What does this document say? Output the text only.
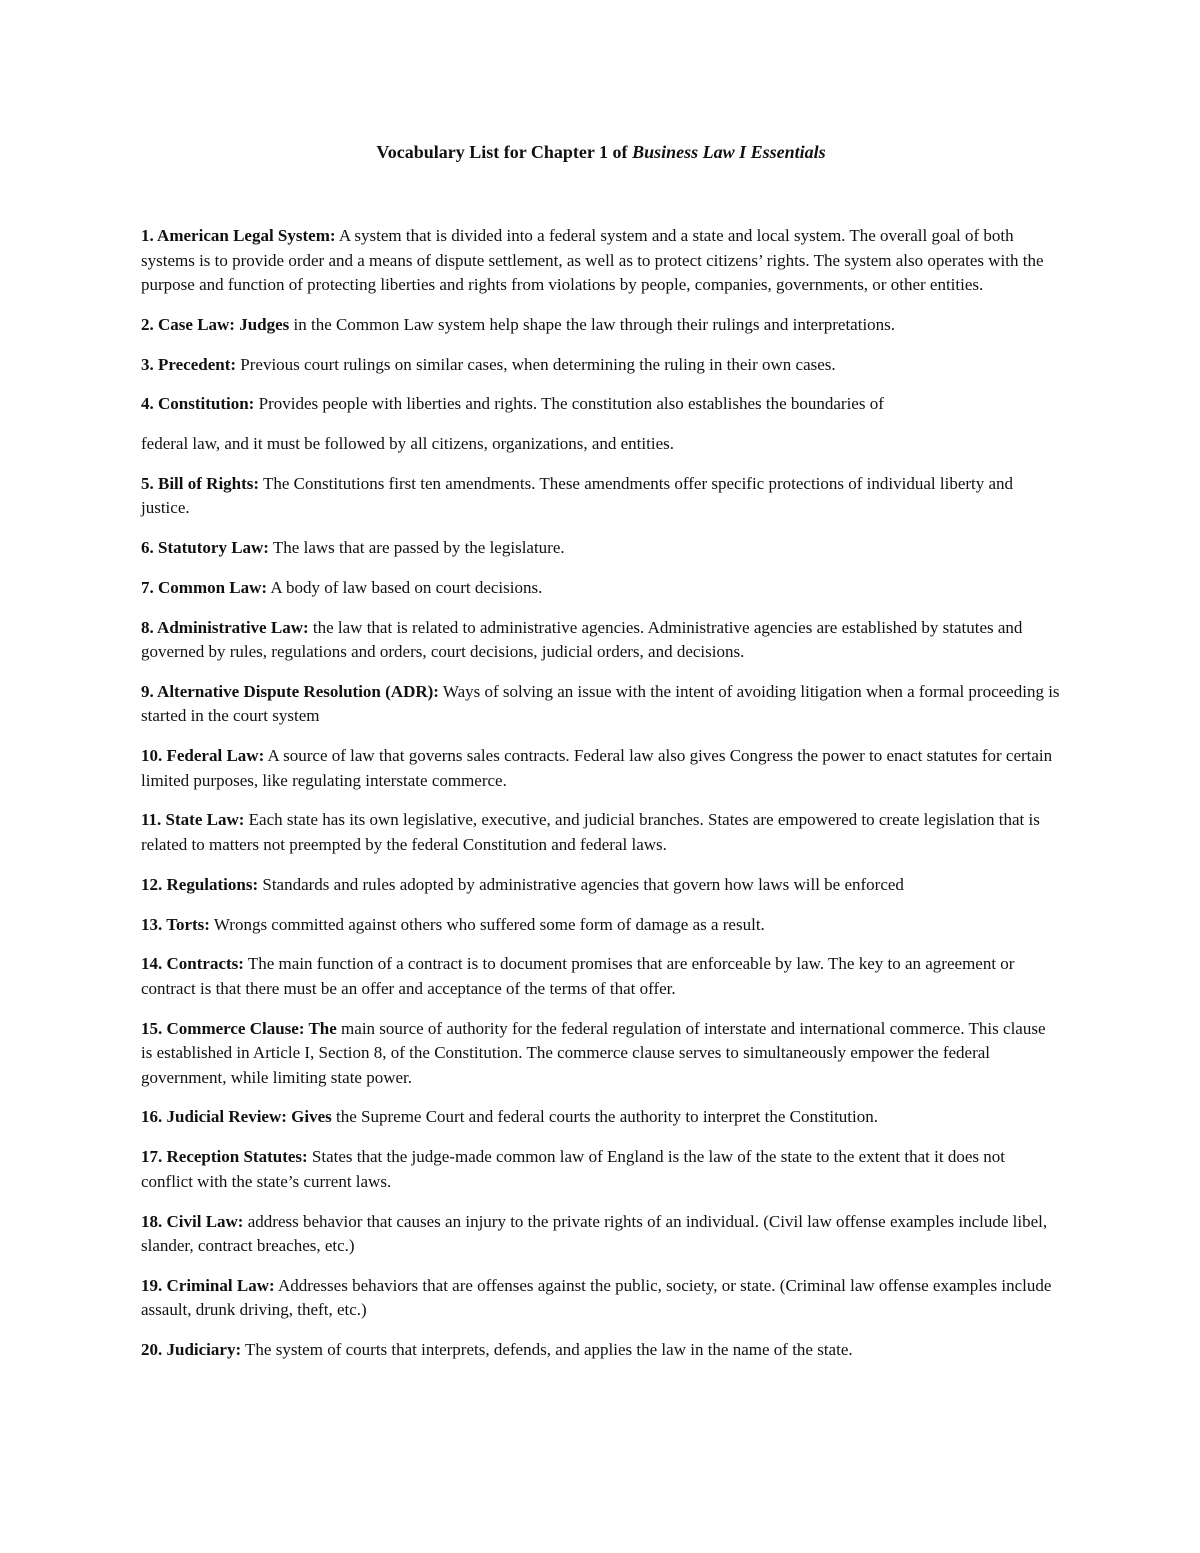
Vocabulary List for Chapter 1 of Business Law I Essentials
1. American Legal System: A system that is divided into a federal system and a state and local system. The overall goal of both systems is to provide order and a means of dispute settlement, as well as to protect citizens’ rights. The system also operates with the purpose and function of protecting liberties and rights from violations by people, companies, governments, or other entities.
2. Case Law: Judges in the Common Law system help shape the law through their rulings and interpretations.
3. Precedent: Previous court rulings on similar cases, when determining the ruling in their own cases.
4. Constitution: Provides people with liberties and rights. The constitution also establishes the boundaries of
federal law, and it must be followed by all citizens, organizations, and entities.
5. Bill of Rights: The Constitutions first ten amendments. These amendments offer specific protections of individual liberty and justice.
6. Statutory Law: The laws that are passed by the legislature.
7. Common Law: A body of law based on court decisions.
8. Administrative Law: the law that is related to administrative agencies. Administrative agencies are established by statutes and governed by rules, regulations and orders, court decisions, judicial orders, and decisions.
9. Alternative Dispute Resolution (ADR): Ways of solving an issue with the intent of avoiding litigation when a formal proceeding is started in the court system
10. Federal Law: A source of law that governs sales contracts. Federal law also gives Congress the power to enact statutes for certain limited purposes, like regulating interstate commerce.
11. State Law: Each state has its own legislative, executive, and judicial branches. States are empowered to create legislation that is related to matters not preempted by the federal Constitution and federal laws.
12. Regulations: Standards and rules adopted by administrative agencies that govern how laws will be enforced
13. Torts: Wrongs committed against others who suffered some form of damage as a result.
14. Contracts: The main function of a contract is to document promises that are enforceable by law. The key to an agreement or contract is that there must be an offer and acceptance of the terms of that offer.
15. Commerce Clause: The main source of authority for the federal regulation of interstate and international commerce. This clause is established in Article I, Section 8, of the Constitution. The commerce clause serves to simultaneously empower the federal government, while limiting state power.
16. Judicial Review: Gives the Supreme Court and federal courts the authority to interpret the Constitution.
17. Reception Statutes: States that the judge-made common law of England is the law of the state to the extent that it does not conflict with the state’s current laws.
18. Civil Law: address behavior that causes an injury to the private rights of an individual. (Civil law offense examples include libel, slander, contract breaches, etc.)
19. Criminal Law: Addresses behaviors that are offenses against the public, society, or state. (Criminal law offense examples include assault, drunk driving, theft, etc.)
20. Judiciary: The system of courts that interprets, defends, and applies the law in the name of the state.
